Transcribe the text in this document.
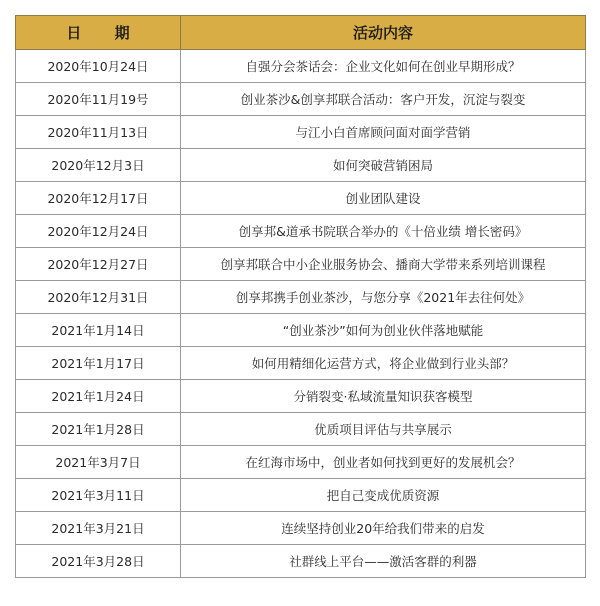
日 期	活动内容
2020年10月24日	自强分会茶话会：企业文化如何在创业早期形成？
2020年11月19号	创业茶沙&创享邦联合活动：客户开发，沉淀与裂变
2020年11月13日	与江小白首席顾问面对面学营销
2020年12月3日	如何突破营销困局
2020年12月17日	创业团队建设
2020年12月24日	创享邦&道承书院联合举办的《十倍业绩 增长密码》
2020年12月27日	创享邦联合中小企业服务协会、播商大学带来系列培训课程
2020年12月31日	创享邦携手创业茶沙，与您分享《2021年去往何处》
2021年1月14日	“创业茶沙”如何为创业伙伴落地赋能
2021年1月17日	如何用精细化运营方式，将企业做到行业头部？
2021年1月24日	分销裂变·私域流量知识获客模型
2021年1月28日	优质项目评估与共享展示
2021年3月7日	在红海市场中，创业者如何找到更好的发展机会？
2021年3月11日	把自己变成优质资源
2021年3月21日	连续坚持创业20年给我们带来的启发
2021年3月28日	社群线上平台——激活客群的利器
